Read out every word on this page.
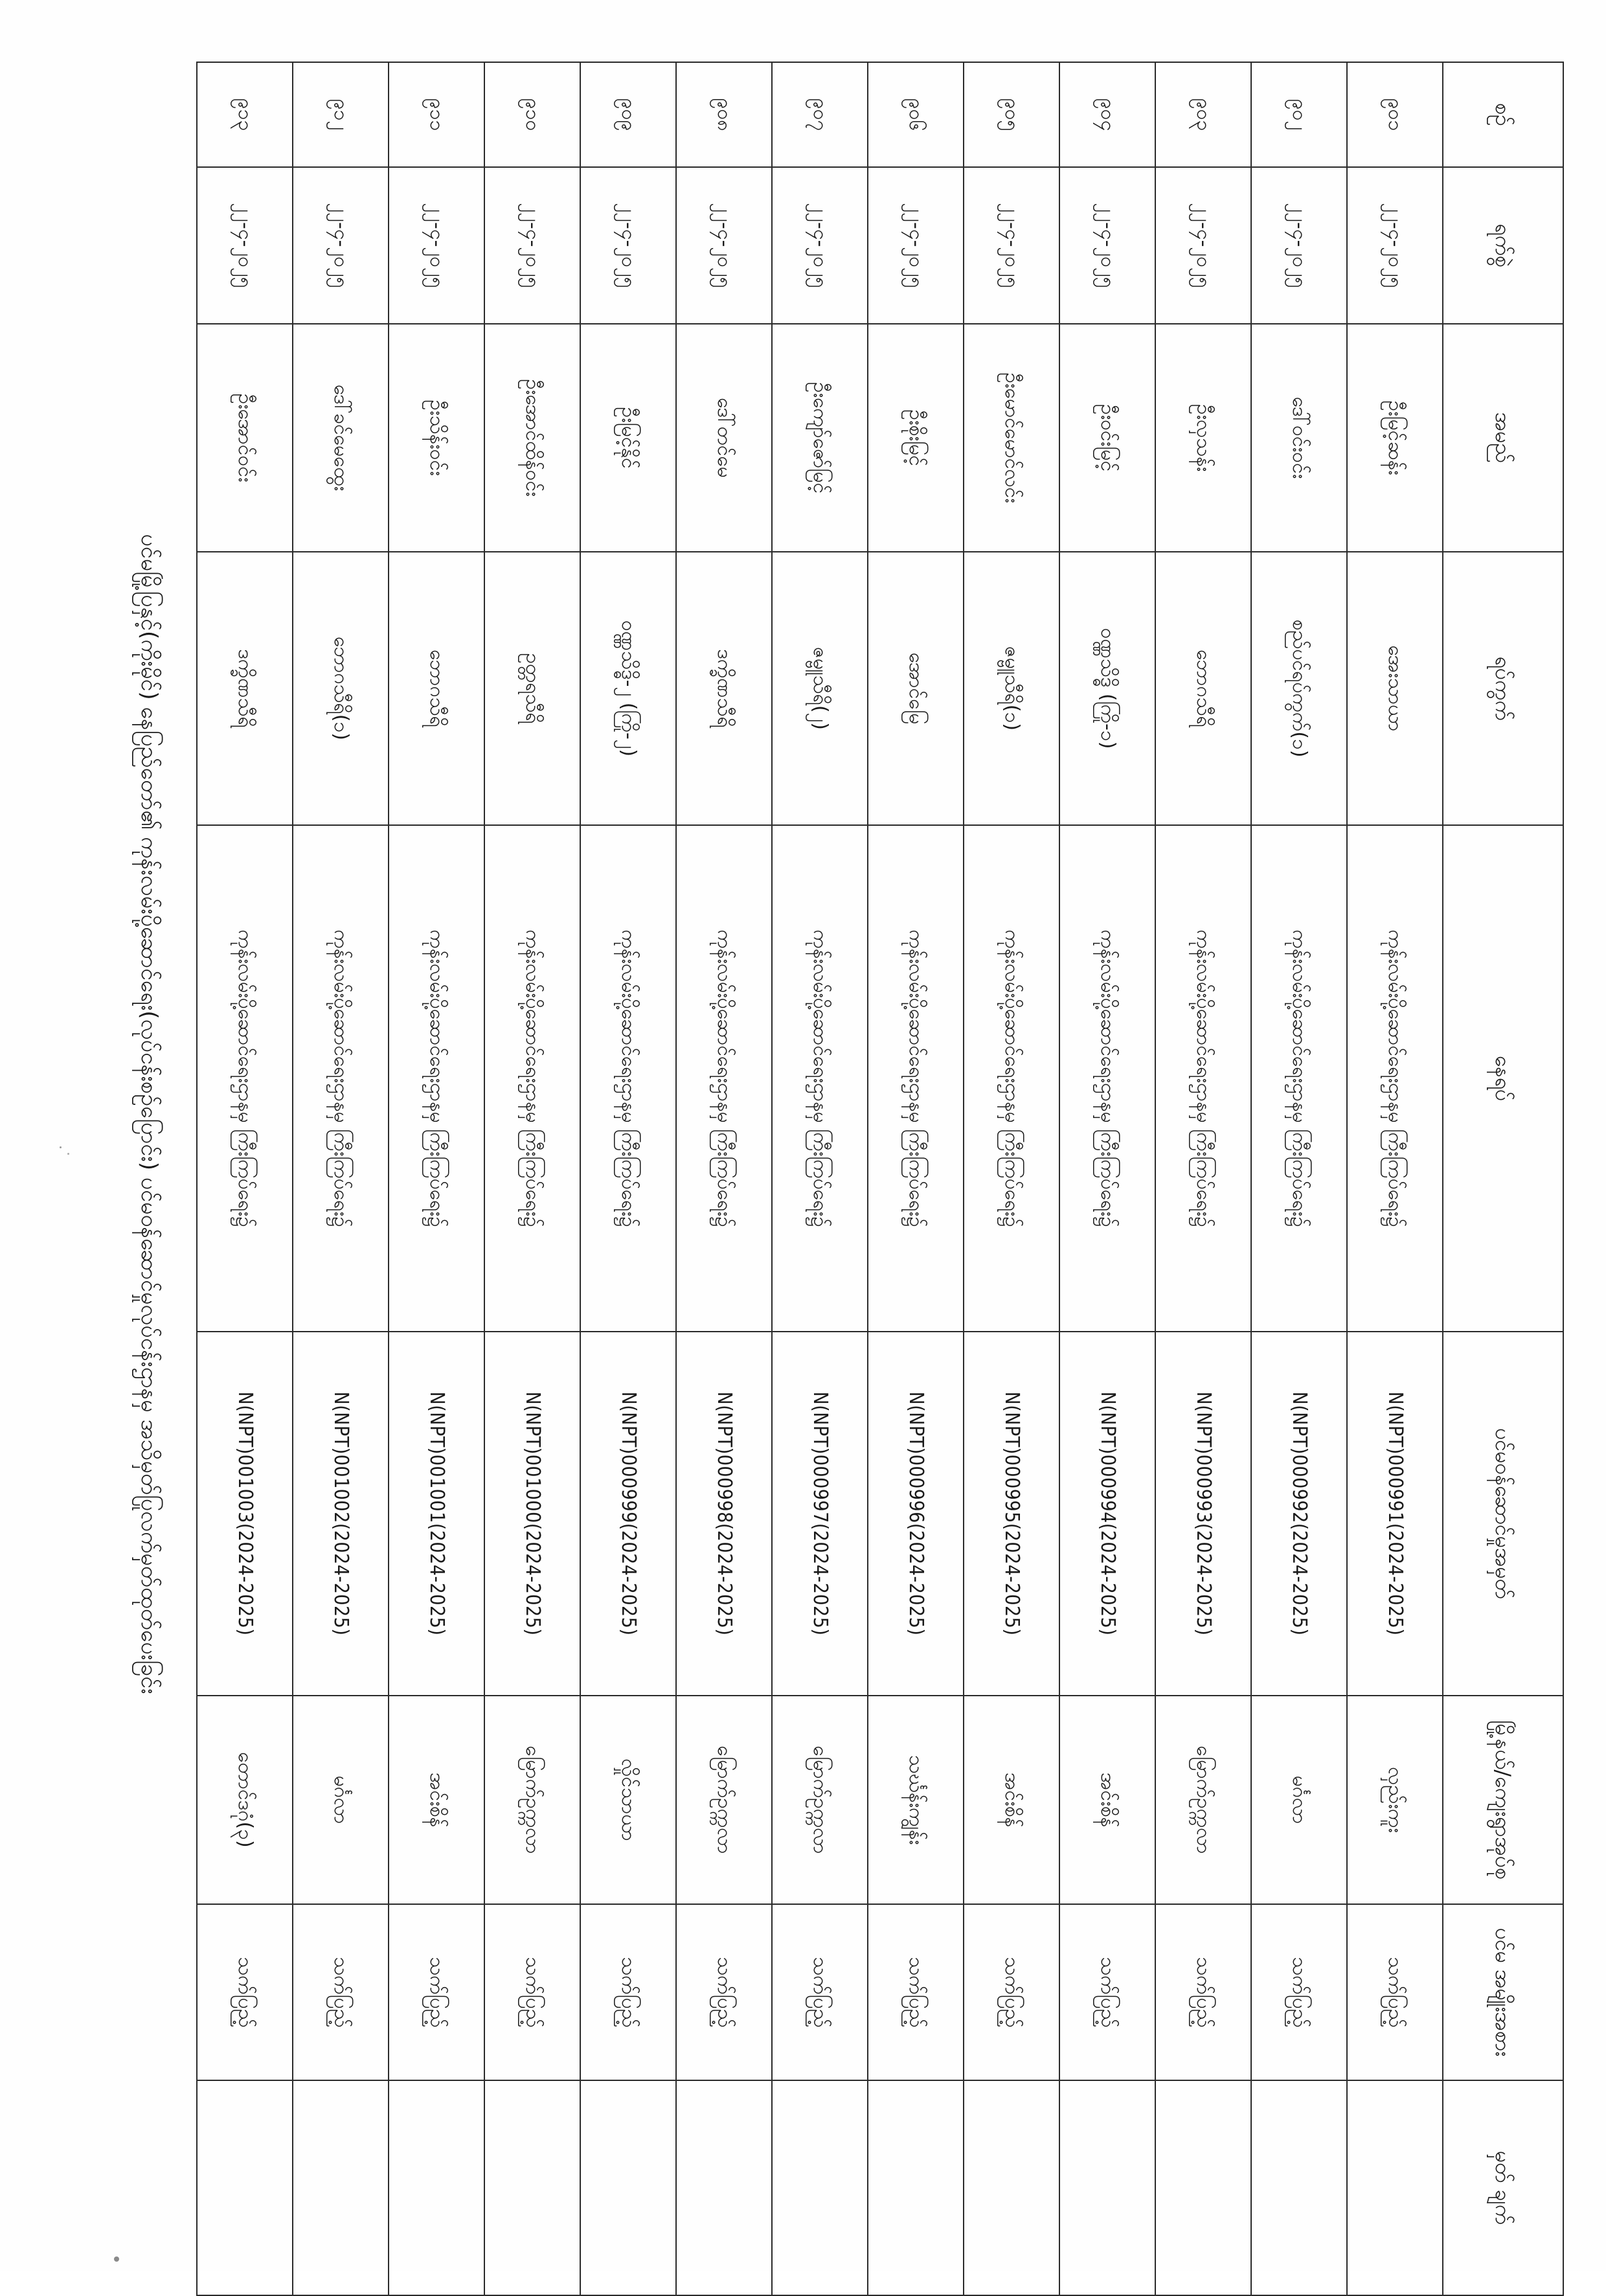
ပင်မမြို့ပြနှင့်(ကိုးမိုင်) နေပြည်တော်၏ ကုန်းလမ်းပို့ဆောင်ရေး(လုပ်ငန်းစဉ်ပြောင်း) ပင်မဝန်ဆောင်မှုလုပ်ငန်းဌာနမှ အသိမှတ်ပြုလက်မှတ်ထုတ်ပေးခြင်း
စဉ်	ရက်စွဲ	အမည်	ရပ်ကွက်	နေရပ်	ပင်မဝန်ဆောင်မှုအမှတ်	မြို့နယ်/ကျေးရွာအုပ်စု	ပင်မ အမျိုးအစား	မှတ် ချက်
၉၀၁	၂၂-၄-၂၀၂၅	ဦးမြင့်ဆန်း	အေးသာယာ	ကုန်းလမ်းပို့ဆောင်ရေးဌာနမှ ကြီးကြပ်ရေး၌	N(NPT)000991(2024-2025)	လှည်းကူး	သက်ပြည့်	
၉၀၂	၂၂-၄-၂၀၂၅	ဒေါ်ဝင်းဝင်း	စည်ပင်ရပ်ကွက်(၁)	ကုန်းလမ်းပို့ဆောင်ရေးဌာနမှ ကြီးကြပ်ရေး၌	N(NPT)000992(2024-2025)	မင်္ဂလာ	သက်ပြည့်	
၉၀၃	၂၂-၄-၂၀၂၅	ဦးလှသန်း	ဘောဂသီရိ	ကုန်းလမ်းပို့ဆောင်ရေးဌာနမှ ကြီးကြပ်ရေး၌	N(NPT)000993(2024-2025)	မြောက်ဥက္ကလာ	သက်ပြည့်	
၉၀၄	၂၂-၄-၂၀၂၅	ဦးဝင်းမြင့်	ဝဏ္ဏသိဒ္ဓိ (ကြို-၁)	ကုန်းလမ်းပို့ဆောင်ရေးဌာနမှ ကြီးကြပ်ရေး၌	N(NPT)000994(2024-2025)	အင်းစိန်	သက်ပြည့်	
၉၀၅	၂၂-၄-၂၀၂၅	ဦးမောင်မောင်လင်း	ဇမ္ဗူသီရိ(၁)	ကုန်းလမ်းပို့ဆောင်ရေးဌာနမှ ကြီးကြပ်ရေး၌	N(NPT)000995(2024-2025)	အင်းစိန်	သက်ပြည့်	
၉၀၆	၂၂-၄-၂၀၂၅	ဦးစိုးမြင့်	အောင်မြေ	ကုန်းလမ်းပို့ဆောင်ရေးဌာနမှ ကြီးကြပ်ရေး၌	N(NPT)000996(2024-2025)	သင်္ဃန်းကျွန်း	သက်ပြည့်	
၉၀၇	၂၂-၄-၂၀၂၅	ဦးကျော်ဇော်မြင့်	ဇမ္ဗူသီရိ(၂)	ကုန်းလမ်းပို့ဆောင်ရေးဌာနမှ ကြီးကြပ်ရေး၌	N(NPT)000997(2024-2025)	မြောက်ဥက္ကလာ	သက်ပြည့်	
၉၀၈	၂၂-၄-၂၀၂၅	ဒေါ်တင်မေ	ဒက္ခိဏသီရိ	ကုန်းလမ်းပို့ဆောင်ရေးဌာနမှ ကြီးကြပ်ရေး၌	N(NPT)000998(2024-2025)	မြောက်ဥက္ကလာ	သက်ပြည့်	
၉၀၉	၂၂-၄-၂၀၂၅	ဦးမြင့်နိုင်	ဝဏ္ဏသိဒ္ဓိ-၂ (ကြို-၂)	ကုန်းလမ်းပို့ဆောင်ရေးဌာနမှ ကြီးကြပ်ရေး၌	N(NPT)000999(2024-2025)	လှိုင်သာယာ	သက်ပြည့်	
၉၁၀	၂၂-၄-၂၀၂၅	ဦးအောင်ထိန်ဝင်း	ဥတ္တရသီရိ	ကုန်းလမ်းပို့ဆောင်ရေးဌာနမှ ကြီးကြပ်ရေး၌	N(NPT)001000(2024-2025)	မြောက်ဥက္ကလာ	သက်ပြည့်	
၉၁၁	၂၂-၄-၂၀၂၅	ဦးသိန်းဝင်း	ဘောဂသီရိ	ကုန်းလမ်းပို့ဆောင်ရေးဌာနမှ ကြီးကြပ်ရေး၌	N(NPT)001001(2024-2025)	အင်းစိန်	သက်ပြည့်	
၉၁၂	၂၂-၄-၂၀၂၅	ဒေါ်ခင်မေထွေး	ဘောဂသီရိ(၁)	ကုန်းလမ်းပို့ဆောင်ရေးဌာနမှ ကြီးကြပ်ရေး၌	N(NPT)001002(2024-2025)	မင်္ဂလာ	သက်ပြည့်	
၉၁၃	၂၂-၄-၂၀၂၅	ဦးအောင်ဝင်း	ဒက္ခိဏသီရိ	ကုန်းလမ်းပို့ဆောင်ရေးဌာနမှ ကြီးကြပ်ရေး၌	N(NPT)001003(2024-2025)	တောင်ဒဂုံ(၃)	သက်ပြည့်	
